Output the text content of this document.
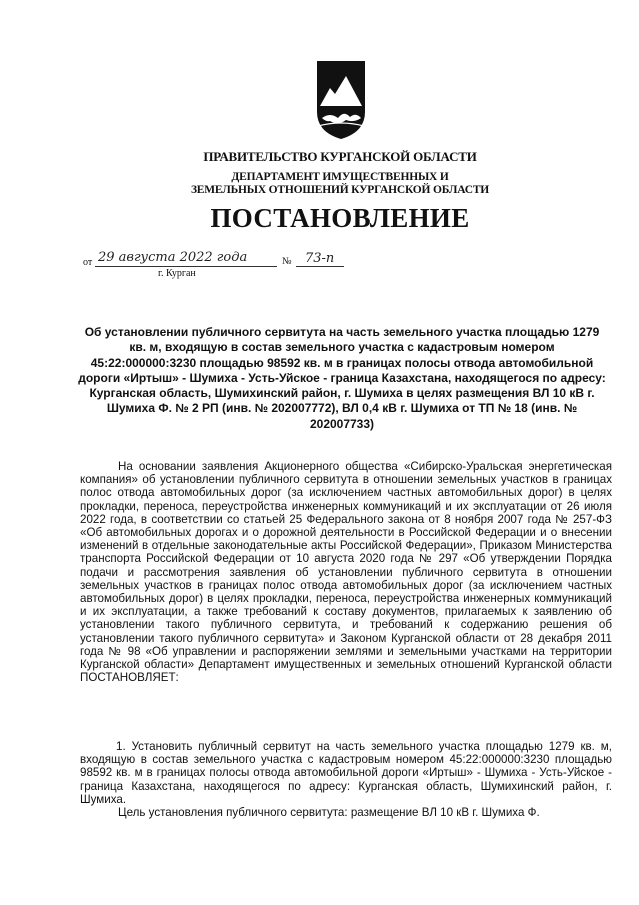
ПРАВИТЕЛЬСТВО КУРГАНСКОЙ ОБЛАСТИ
ДЕПАРТАМЕНТ ИМУЩЕСТВЕННЫХ И
ЗЕМЕЛЬНЫХ ОТНОШЕНИЙ КУРГАНСКОЙ ОБЛАСТИ
ПОСТАНОВЛЕНИЕ
от 29 августа 2022 года	№ 73-п
г. Курган
Об установлении публичного сервитута на часть земельного участка площадью 1279 кв. м, входящую в состав земельного участка с кадастровым номером 45:22:000000:3230 площадью 98592 кв. м в границах полосы отвода автомобильной дороги «Иртыш» - Шумиха - Усть-Уйское - граница Казахстана, находящегося по адресу: Курганская область, Шумихинский район, г. Шумиха в целях размещения ВЛ 10 кВ г. Шумиха Ф. № 2 РП (инв. № 202007772), ВЛ 0,4 кВ г. Шумиха от ТП № 18 (инв. № 202007733)
На основании заявления Акционерного общества «Сибирско-Уральская энергетическая компания» об установлении публичного сервитута в отношении земельных участков в границах полос отвода автомобильных дорог (за исключением частных автомобильных дорог) в целях прокладки, переноса, переустройства инженерных коммуникаций и их эксплуатации от 26 июля 2022 года, в соответствии со статьей 25 Федерального закона от 8 ноября 2007 года № 257-ФЗ «Об автомобильных дорогах и о дорожной деятельности в Российской Федерации и о внесении изменений в отдельные законодательные акты Российской Федерации», Приказом Министерства транспорта Российской Федерации от 10 августа 2020 года № 297 «Об утверждении Порядка подачи и рассмотрения заявления об установлении публичного сервитута в отношении земельных участков в границах полос отвода автомобильных дорог (за исключением частных автомобильных дорог) в целях прокладки, переноса, переустройства инженерных коммуникаций и их эксплуатации, а также требований к составу документов, прилагаемых к заявлению об установлении такого публичного сервитута, и требований к содержанию решения об установлении такого публичного сервитута» и Законом Курганской области от 28 декабря 2011 года № 98 «Об управлении и распоряжении землями и земельными участками на территории Курганской области» Департамент имущественных и земельных отношений Курганской области ПОСТАНОВЛЯЕТ:
1. Установить публичный сервитут на часть земельного участка площадью 1279 кв. м, входящую в состав земельного участка с кадастровым номером 45:22:000000:3230 площадью 98592 кв. м в границах полосы отвода автомобильной дороги «Иртыш» - Шумиха - Усть-Уйское - граница Казахстана, находящегося по адресу: Курганская область, Шумихинский район, г. Шумиха.
Цель установления публичного сервитута: размещение ВЛ 10 кВ г. Шумиха Ф.
